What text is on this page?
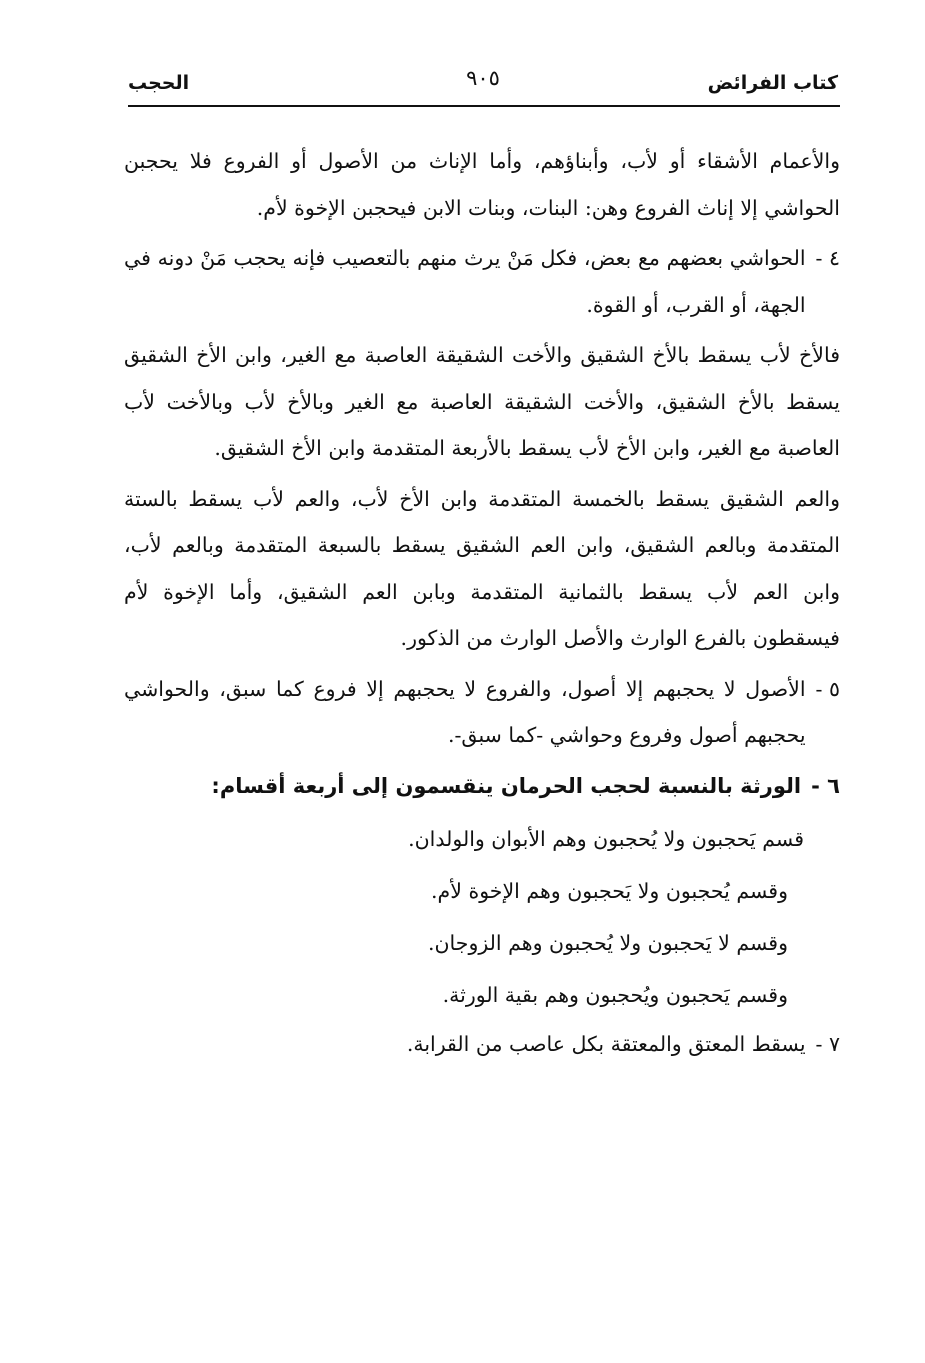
كتاب الفرائض
٩٠٥
الحجب

والأعمام الأشقاء أو لأب، وأبناؤهم، وأما الإناث من الأصول أو الفروع فلا يحجبن الحواشي إلا إناث الفروع وهن: البنات، وبنات الابن فيحجبن الإخوة لأم.

٤ -
الحواشي بعضهم مع بعض، فكل مَنْ يرث منهم بالتعصيب فإنه يحجب مَنْ دونه في الجهة، أو القرب، أو القوة.

فالأخ لأب يسقط بالأخ الشقيق والأخت الشقيقة العاصبة مع الغير، وابن الأخ الشقيق يسقط بالأخ الشقيق، والأخت الشقيقة العاصبة مع الغير وبالأخ لأب وبالأخت لأب العاصبة مع الغير، وابن الأخ لأب يسقط بالأربعة المتقدمة وابن الأخ الشقيق.

والعم الشقيق يسقط بالخمسة المتقدمة وابن الأخ لأب، والعم لأب يسقط بالستة المتقدمة وبالعم الشقيق، وابن العم الشقيق يسقط بالسبعة المتقدمة وبالعم لأب، وابن العم لأب يسقط بالثمانية المتقدمة وبابن العم الشقيق، وأما الإخوة لأم فيسقطون بالفرع الوارث والأصل الوارث من الذكور.

٥ -
الأصول لا يحجبهم إلا أصول، والفروع لا يحجبهم إلا فروع كما سبق، والحواشي يحجبهم أصول وفروع وحواشي -كما سبق-.
٦ -
الورثة بالنسبة لحجب الحرمان ينقسمون إلى أربعة أقسام:

قسم يَحجبون ولا يُحجبون وهم الأبوان والولدان.

وقسم يُحجبون ولا يَحجبون وهم الإخوة لأم.

وقسم لا يَحجبون ولا يُحجبون وهم الزوجان.

وقسم يَحجبون ويُحجبون وهم بقية الورثة.

٧ -
يسقط المعتق والمعتقة بكل عاصب من القرابة.
